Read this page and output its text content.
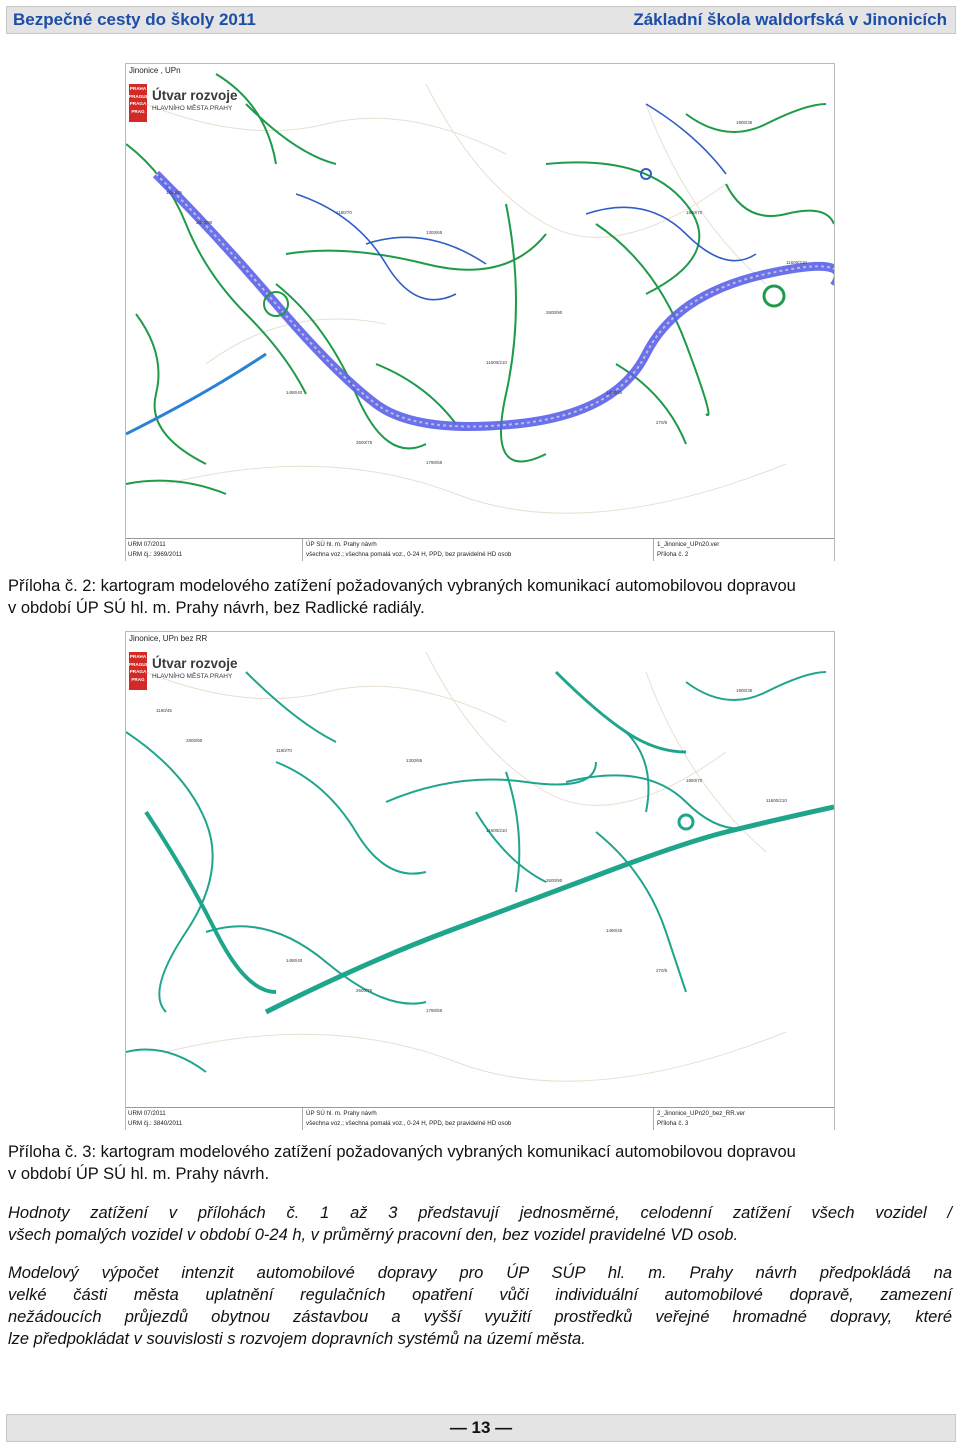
Bezpečné cesty do školy 2011	Základní škola waldorfská v Jinonicích
1190/45
2800/90
1180/70
1300/65
11600/210
2600/90
1850/70
1900/35
11600/210
1490/40
2600/75
1780/55
1490/45
270/5
Jinonice , UPn
PRAHA PRAGUE PRAGA PRAG
Útvar rozvoje
HLAVNÍHO MĚSTA PRAHY
URM 07/2011
URM čj.: 3969/2011
ÚP SÚ hl. m. Prahy návrh
všechna voz.; všechna pomalá voz., 0-24 H, PPD, bez pravidelné HD osob
1_Jinonice_UPn20.ver
Příloha č. 2
Příloha č. 2: kartogram modelového zatížení požadovaných vybraných komunikací automobilovou dopravou
v období ÚP SÚ hl. m. Prahy návrh, bez Radlické radiály.
1190/45
2800/90
1180/70
1300/65
11600/210
2600/90
1850/70
1900/35
11600/210
1490/40
2600/75
1780/55
1490/45
270/5
Jinonice, UPn bez RR
PRAHA PRAGUE PRAGA PRAG
Útvar rozvoje
HLAVNÍHO MĚSTA PRAHY
URM 07/2011
URM čj.: 3840/2011
ÚP SÚ hl. m. Prahy návrh
všechna voz.; všechna pomalá voz., 0-24 H, PPD, bez pravidelné HD osob
2_Jinonice_UPn20_bez_RR.ver
Příloha č. 3
Příloha č. 3: kartogram modelového zatížení požadovaných vybraných komunikací automobilovou dopravou
v období ÚP SÚ hl. m. Prahy návrh.
Hodnoty zatížení v přílohách č. 1 až 3 představují jednosměrné, celodenní zatížení všech vozidel /
všech pomalých vozidel v období 0-24 h, v průměrný pracovní den, bez vozidel pravidelné VD osob.
Modelový výpočet intenzit automobilové dopravy pro ÚP SÚP hl. m. Prahy návrh předpokládá na
velké části města uplatnění regulačních opatření vůči individuální automobilové dopravě, zamezení
nežádoucích průjezdů obytnou zástavbou a vyšší využití prostředků veřejné hromadné dopravy, které
lze předpokládat v souvislosti s rozvojem dopravních systémů na území města.
— 13 —
